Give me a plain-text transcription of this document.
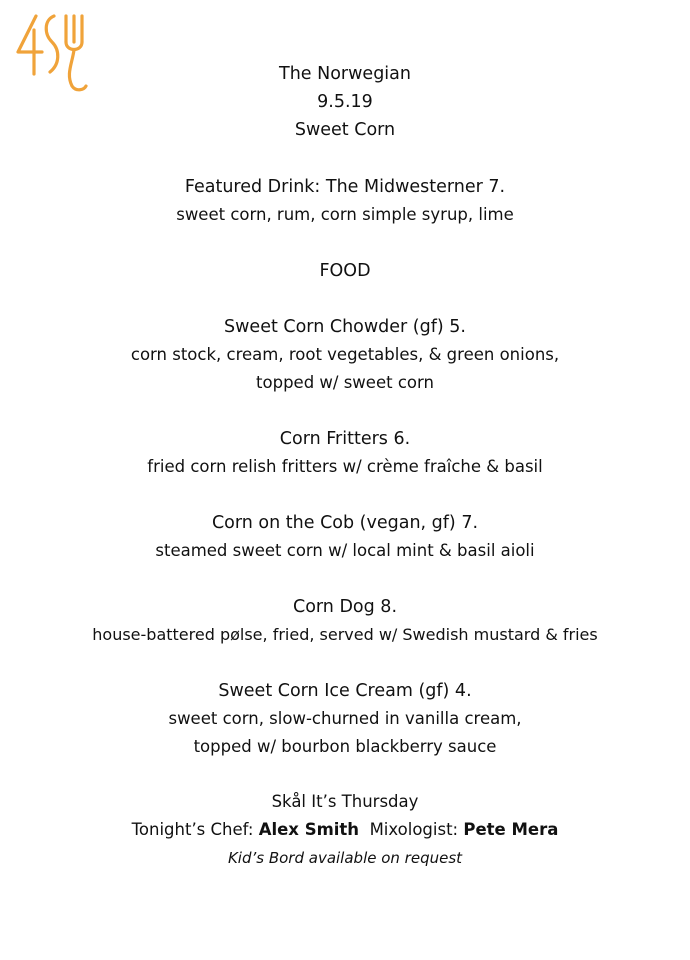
The Norwegian
9.5.19
Sweet Corn
Featured Drink: The Midwesterner 7.
sweet corn, rum, corn simple syrup, lime
FOOD
Sweet Corn Chowder (gf) 5.
corn stock, cream, root vegetables, & green onions,
topped w/ sweet corn
Corn Fritters 6.
fried corn relish fritters w/ crème fraîche & basil
Corn on the Cob (vegan, gf) 7.
steamed sweet corn w/ local mint & basil aioli
Corn Dog 8.
house-battered pølse, fried, served w/ Swedish mustard & fries
Sweet Corn Ice Cream (gf) 4.
sweet corn, slow-churned in vanilla cream,
topped w/ bourbon blackberry sauce
Skål It’s Thursday
Tonight’s Chef: Alex Smith Mixologist: Pete Mera
Kid’s Bord available on request
